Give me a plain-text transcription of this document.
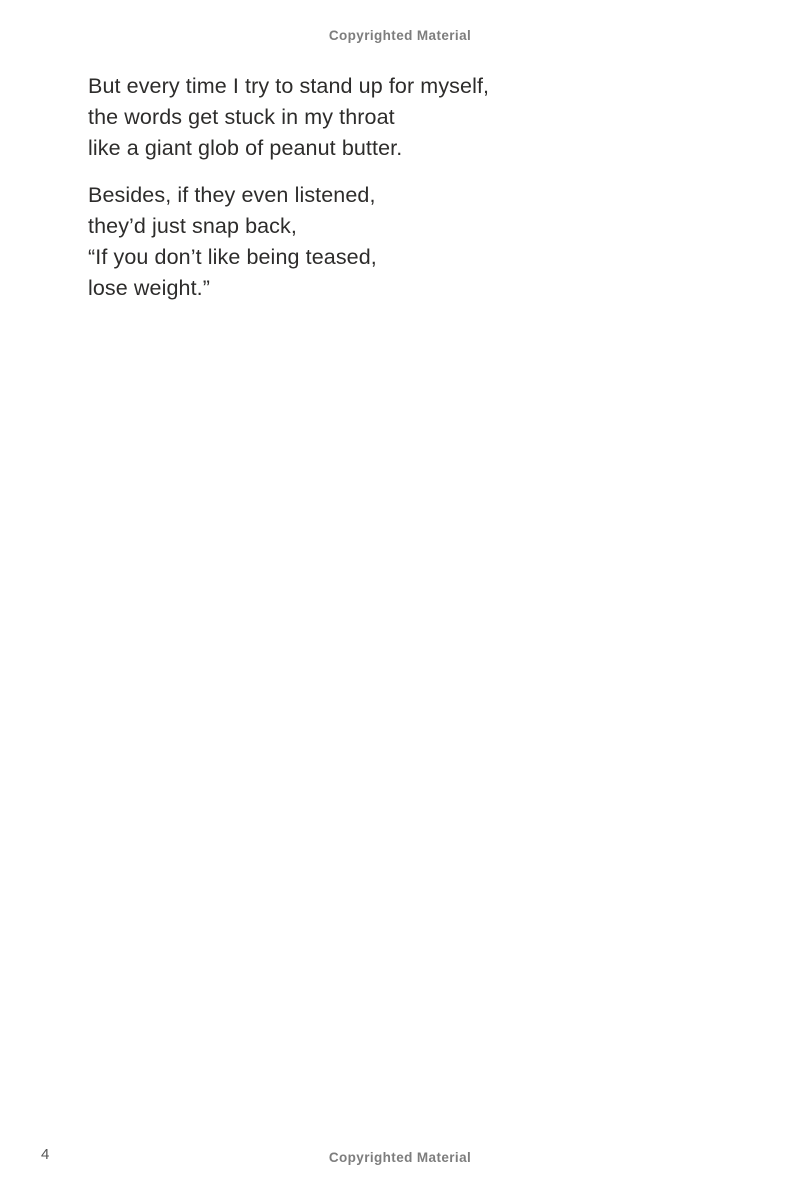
Copyrighted Material
But every time I try to stand up for myself,
the words get stuck in my throat
like a giant glob of peanut butter.
Besides, if they even listened,
they’d just snap back,
“If you don’t like being teased,
lose weight.”
4	Copyrighted Material
